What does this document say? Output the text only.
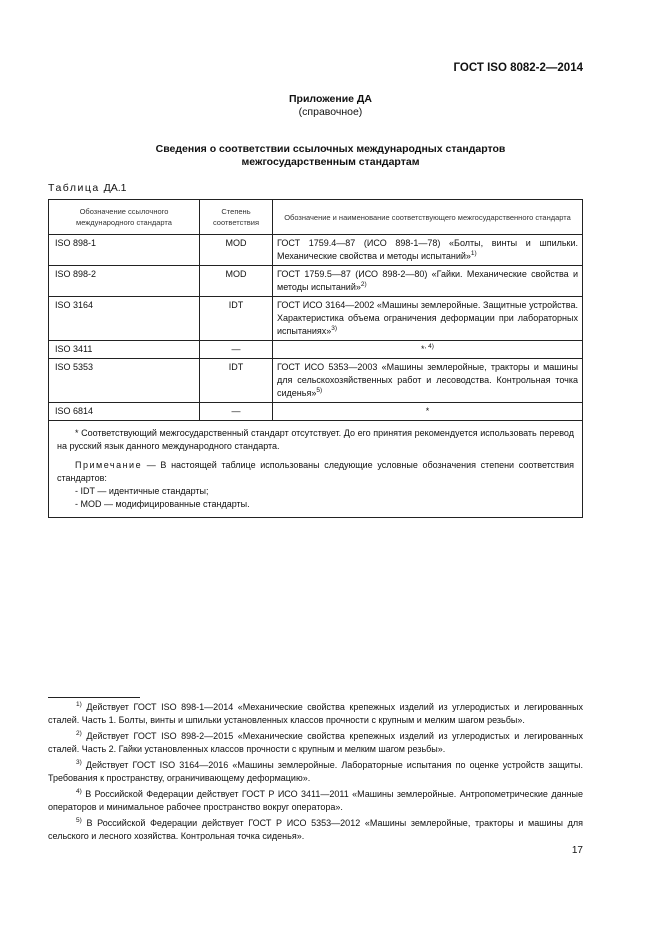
ГОСТ ISO 8082-2—2014
Приложение ДА
(справочное)
Сведения о соответствии ссылочных международных стандартов
межгосударственным стандартам
Таблица ДА.1
Обозначение ссылочного международного стандарта	Степень соответствия	Обозначение и наименование соответствующего межгосударственного стандарта
ISO 898-1	MOD	ГОСТ 1759.4—87 (ИСО 898-1—78) «Болты, винты и шпильки. Механические свойства и методы испытаний»$^{1)}$
ISO 898-2	MOD	ГОСТ 1759.5—87 (ИСО 898-2—80) «Гайки. Механические свойства и методы испытаний»$^{2)}$
ISO 3164	IDT	ГОСТ ИСО 3164—2002 «Машины землеройные. Защитные устройства. Характеристика объема ограничения деформации при лабораторных испытаниях»$^{3)}$
ISO 3411	—	*$^{, 4)}$
ISO 5353	IDT	ГОСТ ИСО 5353—2003 «Машины землеройные, тракторы и машины для сельскохозяйственных работ и лесоводства. Контрольная точка сиденья»$^{5)}$
ISO 6814	—	*

* Соответствующий межгосударственный стандарт отсутствует. До его принятия рекомендуется использовать перевод на русский язык данного международного стандарта.

Примечание — В настоящей таблице использованы следующие условные обозначения степени соответствия стандартов:

- IDT — идентичные стандарты;

- MOD — модифицированные стандарты.		

$^{1)}$ Действует ГОСТ ISO 898-1—2014 «Механические свойства крепежных изделий из углеродистых и легированных сталей. Часть 1. Болты, винты и шпильки установленных классов прочности с крупным и мелким шагом резьбы».

$^{2)}$ Действует ГОСТ ISO 898-2—2015 «Механические свойства крепежных изделий из углеродистых и легированных сталей. Часть 2. Гайки установленных классов прочности с крупным и мелким шагом резьбы».

$^{3)}$ Действует ГОСТ ISO 3164—2016 «Машины землеройные. Лабораторные испытания по оценке устройств защиты. Требования к пространству, ограничивающему деформацию».

$^{4)}$ В Российской Федерации действует ГОСТ Р ИСО 3411—2011 «Машины землеройные. Антропометрические данные операторов и минимальное рабочее пространство вокруг оператора».

$^{5)}$ В Российской Федерации действует ГОСТ Р ИСО 5353—2012 «Машины землеройные, тракторы и машины для сельского и лесного хозяйства. Контрольная точка сиденья».

17
